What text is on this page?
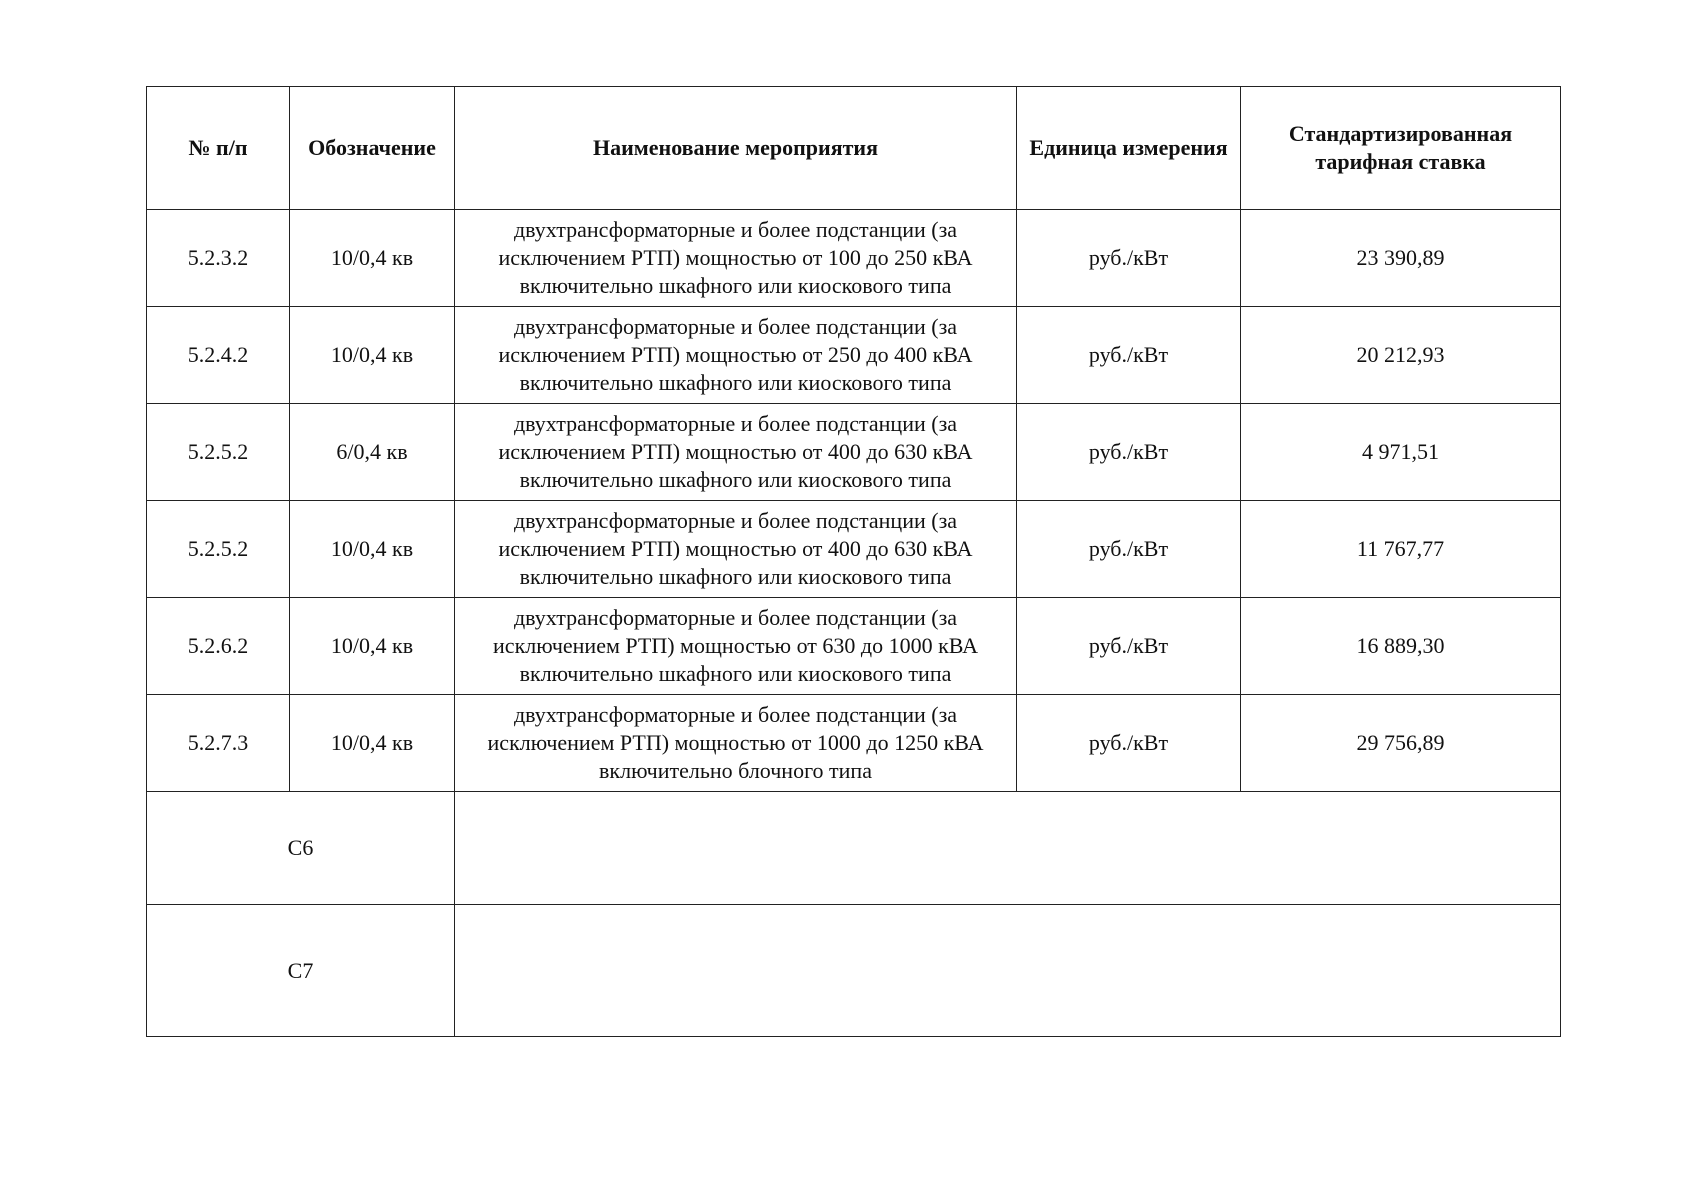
№ п/п	Обозначение	Наименование мероприятия	Единица измерения	Стандартизированная тарифная ставка
5.2.3.2	10/0,4 кв	двухтрансформаторные и более подстанции (за исключением РТП) мощностью от 100 до 250 кВА включительно шкафного или киоскового типа	руб./кВт	23 390,89
5.2.4.2	10/0,4 кв	двухтрансформаторные и более подстанции (за исключением РТП) мощностью от 250 до 400 кВА включительно шкафного или киоскового типа	руб./кВт	20 212,93
5.2.5.2	6/0,4 кв	двухтрансформаторные и более подстанции (за исключением РТП) мощностью от 400 до 630 кВА включительно шкафного или киоскового типа	руб./кВт	4 971,51
5.2.5.2	10/0,4 кв	двухтрансформаторные и более подстанции (за исключением РТП) мощностью от 400 до 630 кВА включительно шкафного или киоскового типа	руб./кВт	11 767,77
5.2.6.2	10/0,4 кв	двухтрансформаторные и более подстанции (за исключением РТП) мощностью от 630 до 1000 кВА включительно шкафного или киоскового типа	руб./кВт	16 889,30
5.2.7.3	10/0,4 кв	двухтрансформаторные и более подстанции (за исключением РТП) мощностью от 1000 до 1250 кВА включительно блочного типа	руб./кВт	29 756,89
C6				
C7				
